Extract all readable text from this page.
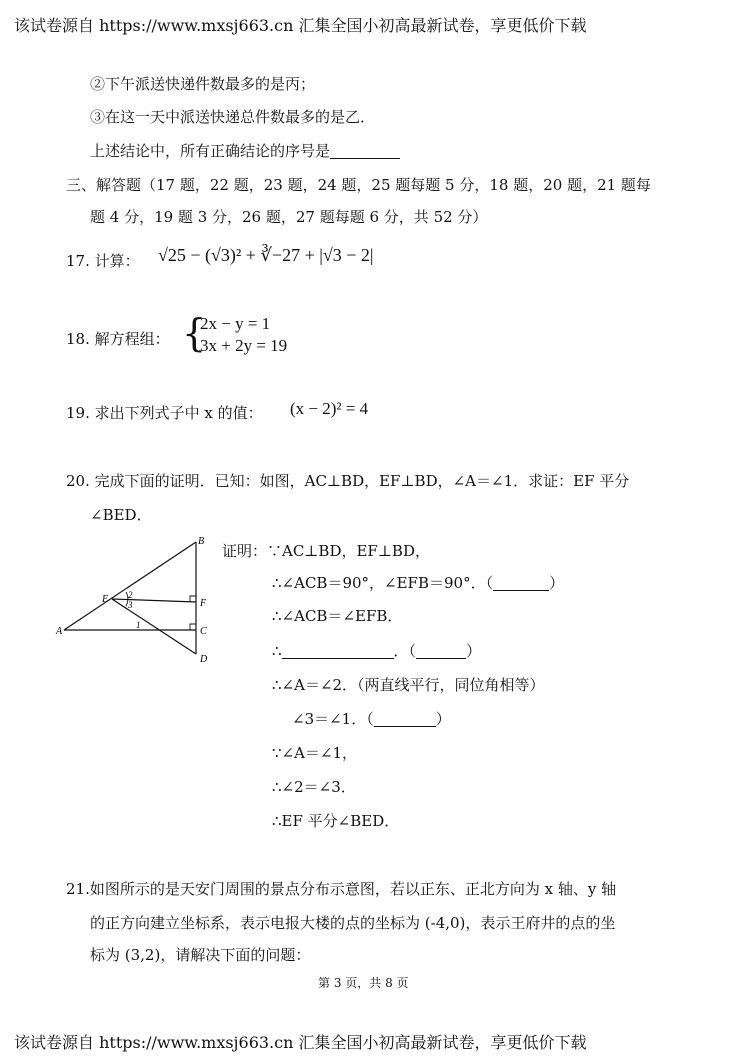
该试卷源自 https://www.mxsj663.cn 汇集全国小初高最新试卷，享更低价下载
②下午派送快递件数最多的是丙；
③在这一天中派送快递总件数最多的是乙．
上述结论中，所有正确结论的序号是
三、解答题（17 题，22 题，23 题，24 题，25 题每题 5 分，18 题，20 题，21 题每
题 4 分，19 题 3 分，26 题，27 题每题 6 分，共 52 分）
17. 计算： √25 − (√3)² + ∛−27 + |√3 − 2|
18. 解方程组： {
2x − y = 1
3x + 2y = 19
19. 求出下列式子中 x 的值： (x − 2)² = 4
20. 完成下面的证明．已知：如图，AC⊥BD，EF⊥BD，∠A＝∠1．求证：EF 平分
∠BED．
B
F
C
D
A
E 2
3
1
证明：∵AC⊥BD，EF⊥BD，
∴∠ACB＝90°，∠EFB＝90°．（	）
∴∠ACB＝∠EFB．
∴	．（	）
∴∠A＝∠2．（两直线平行，同位角相等）
∠3＝∠1．（	）
∵∠A＝∠1，
∴∠2＝∠3．
∴EF 平分∠BED．
21.如图所示的是天安门周围的景点分布示意图，若以正东、正北方向为 x 轴、y 轴
的正方向建立坐标系，表示电报大楼的点的坐标为 (-4,0)，表示王府井的点的坐
标为 (3,2)，请解决下面的问题：
第 3 页，共 8 页
该试卷源自 https://www.mxsj663.cn 汇集全国小初高最新试卷，享更低价下载
